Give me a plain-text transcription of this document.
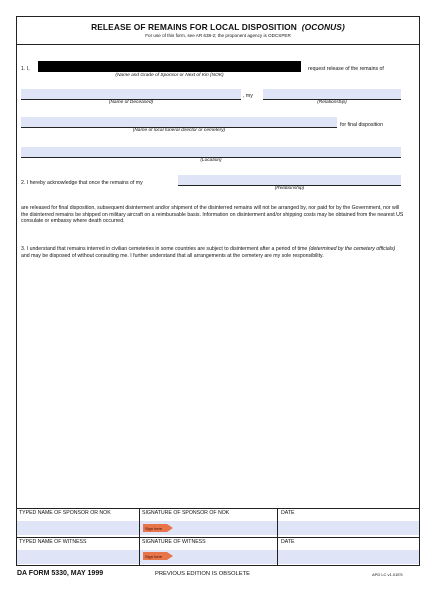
RELEASE OF REMAINS FOR LOCAL DISPOSITION (OCONUS)
For use of this form, see AR 638-2; the proponent agency is ODCSPER
1. I,	request release of the remains of
(Name and Grade of Sponsor or Next of Kin (NOK)
, my
(Name of Deceased)	(Relationship)
for final disposition
(Name of local funeral director or cemetery)
(Location)
2. I hereby acknowledge that once the remains of my
(Relationship)
are released for final disposition, subsequent disinterment and/or shipment of the disinterred remains will not be arranged by, nor paid for by the Government, nor will the disinterred remains be shipped on military aircraft on a reimbursable basis. Information on disinterment and/or shipping costs may be obtained from the nearest US consulate or embassy where death occurred.
3. I understand that remains interred in civilian cemeteries in some countries are subject to disinterment after a period of time (determined by the cemetery officials) and may be disposed of without consulting me. I further understand that all arrangements at the cemetery are my sole responsibility.
TYPED NAME OF SPONSOR OR NOK	SIGNATURE OF SPONSOR OF NOK	DATE
Sign here
TYPED NAME OF WITNESS	SIGNATURE OF WITNESS	DATE
Sign here
DA FORM 5330, MAY 1999	PREVIOUS EDITION IS OBSOLETE	APD LC v1.01ES
